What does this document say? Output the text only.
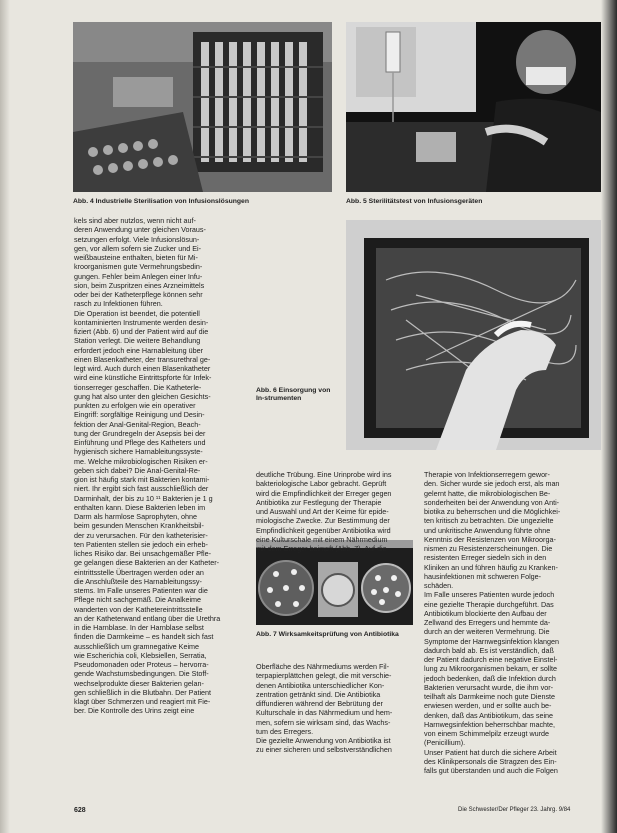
Abb. 4 Industrielle Sterilisation von Infusionslösungen	Abb. 5 Sterilitätstest von Infusionsgeräten
Abb. 6 Einsorgung von In-strumenten
Abb. 7 Wirksamkeitsprüfung von Antibiotika

kels sind aber nutzlos, wenn nicht auf-

deren Anwendung unter gleichen Voraus-

setzungen erfolgt. Viele Infusionslösun-

gen, vor allem sofern sie Zucker und Ei-

weißbausteine enthalten, bieten für Mi-

kroorganismen gute Vermehrungsbedin-

gungen. Fehler beim Anlegen einer Infu-

sion, beim Zuspritzen eines Arzneimittels

oder bei der Katheterpflege können sehr

rasch zu Infektionen führen.

Die Operation ist beendet, die potentiell

kontaminierten Instrumente werden desin-

fiziert (Abb. 6) und der Patient wird auf die

Station verlegt. Die weitere Behandlung

erfordert jedoch eine Harnableitung über

einen Blasenkatheter, der transurethral ge-

legt wird. Auch durch einen Blasenkatheter

wird eine künstliche Eintrittspforte für Infek-

tionserreger geschaffen. Die Katheterle-

gung hat also unter den gleichen Gesichts-

punkten zu erfolgen wie ein operativer

Eingriff: sorgfältige Reinigung und Desin-

fektion der Anal-Genital-Region, Beach-

tung der Grundregeln der Asepsis bei der

Einführung und Pflege des Katheters und

hygienisch sichere Harnableitungssyste-

me. Welche mikrobiologischen Risiken er-

geben sich dabei? Die Anal-Genital-Re-

gion ist häufig stark mit Bakterien kontami-

niert. Ihr ergibt sich fast ausschließlich der

Darminhalt, der bis zu 10 ¹¹ Bakterien je 1 g

enthalten kann. Diese Bakterien leben im

Darm als harmlose Saprophyten, ohne

beim gesunden Menschen Krankheitsbil-

der zu verursachen. Für den katheterisier-

ten Patienten stellen sie jedoch ein erheb-

liches Risiko dar. Bei unsachgemäßer Pfle-

ge gelangen diese Bakterien an der Katheter-

eintrittsstelle Übertragen werden oder an

die Anschlußteile des Harnableitungssy-

stems. Im Falle unseres Patienten war die

Pflege nicht sachgemäß. Die Analkeime

wanderten von der Kathetereintrittsstelle

an der Katheterwand entlang über die Urethra

in die Harnblase. In der Harnblase selbst

finden die Darmkeime – es handelt sich fast

ausschließlich um gramnegative Keime

wie Escherichia coli, Klebsiellen, Serratia,

Pseudomonaden oder Proteus – hervorra-

gende Wachstumsbedingungen. Die Stoff-

wechselprodukte dieser Bakterien gelan-

gen schließlich in die Blutbahn. Der Patient

klagt über Schmerzen und reagiert mit Fie-

ber. Die Kontrolle des Urins zeigt eine

deutliche Trübung. Eine Urinprobe wird ins

bakteriologische Labor gebracht. Geprüft

wird die Empfindlichkeit der Erreger gegen

Antibiotika zur Festlegung der Therapie

und Auswahl und Art der Keime für epide-

miologische Zwecke. Zur Bestimmung der

Empfindlichkeit gegenüber Antibiotika wird

eine Kulturschale mit einem Nährmedium

mit dem Erreger beimpft (Abb. 7). Auf die

Oberfläche des Nährmediums werden Fil-

terpapierplättchen gelegt, die mit verschie-

denen Antibiotika unterschiedlicher Kon-

zentration getränkt sind. Die Antibiotika

diffundieren während der Bebrütung der

Kulturschale in das Nährmedium und hem-

men, sofern sie wirksam sind, das Wachs-

tum des Erregers.

Die gezielte Anwendung von Antibiotika ist

zu einer sicheren und selbstverständlichen

Therapie von Infektionserregern gewor-

den. Sicher wurde sie jedoch erst, als man

gelernt hatte, die mikrobiologischen Be-

sonderheiten bei der Anwendung von Anti-

biotika zu beherrschen und die Möglichkei-

ten kritisch zu betrachten. Die ungezielte

und unkritische Anwendung führte ohne

Kenntnis der Resistenzen von Mikroorga-

nismen zu Resistenzerscheinungen. Die

resistenten Erreger siedeln sich in den

Kliniken an und führen häufig zu Kranken-

hausinfektionen mit schweren Folge-

schäden.

Im Falle unseres Patienten wurde jedoch

eine gezielte Therapie durchgeführt. Das

Antibiotikum blockierte den Aufbau der

Zellwand des Erregers und hemmte da-

durch an der weiteren Vermehrung. Die

Symptome der Harnwegsinfektion klangen

dadurch bald ab. Es ist verständlich, daß

der Patient dadurch eine negative Einstel-

lung zu Mikroorganismen bekam, er sollte

jedoch bedenken, daß die Infektion durch

Bakterien verursacht wurde, die ihm vor-

teilhaft als Darmkeime noch gute Dienste

erwiesen werden, und er sollte auch be-

denken, daß das Antibiotikum, das seine

Harnwegsinfektion beherrschbar machte,

von einem Schimmelpilz erzeugt wurde

(Penicillium).

Unser Patient hat durch die sichere Arbeit

des Klinikpersonals die Stragzen des Ein-

falls gut überstanden und auch die Folgen

628	Die Schwester/Der Pfleger 23. Jahrg. 9/84
